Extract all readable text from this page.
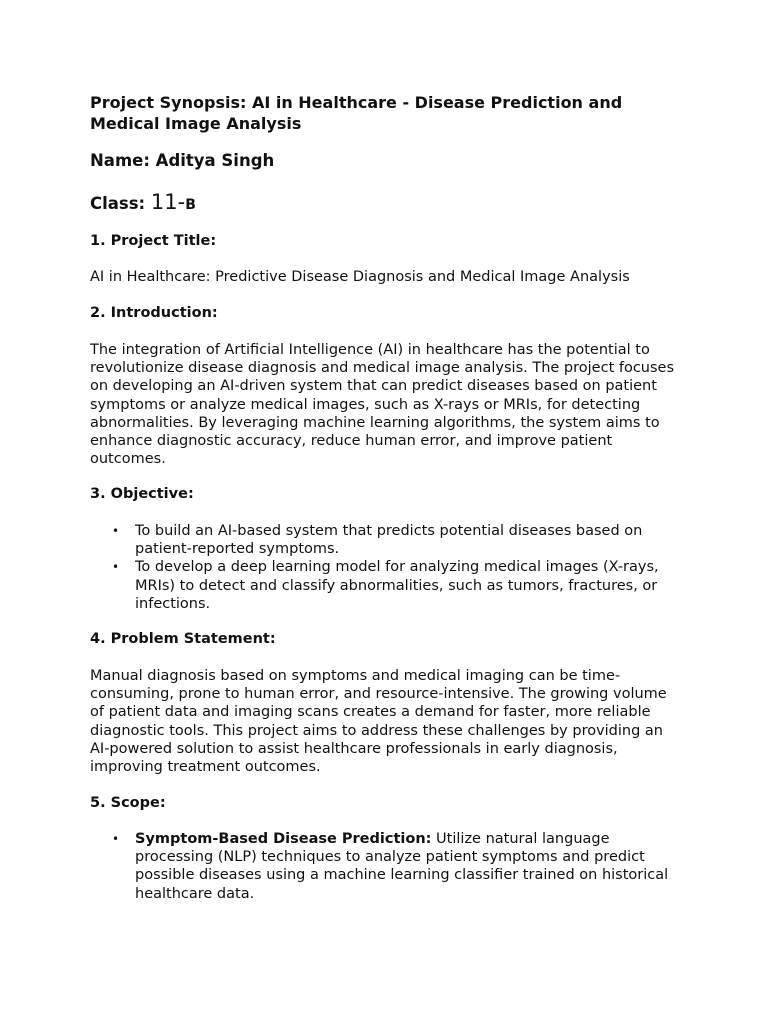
Project Synopsis: AI in Healthcare - Disease Prediction and Medical Image Analysis

Name: Aditya Singh

Class: 11-B

1. Project Title:

AI in Healthcare: Predictive Disease Diagnosis and Medical Image Analysis

2. Introduction:

The integration of Artificial Intelligence (AI) in healthcare has the potential to revolutionize disease diagnosis and medical image analysis. The project focuses on developing an AI-driven system that can predict diseases based on patient symptoms or analyze medical images, such as X-rays or MRIs, for detecting abnormalities. By leveraging machine learning algorithms, the system aims to enhance diagnostic accuracy, reduce human error, and improve patient outcomes.

3. Objective:

• To build an AI-based system that predicts potential diseases based on patient-reported symptoms.
• To develop a deep learning model for analyzing medical images (X-rays, MRIs) to detect and classify abnormalities, such as tumors, fractures, or infections.

4. Problem Statement:

Manual diagnosis based on symptoms and medical imaging can be time-consuming, prone to human error, and resource-intensive. The growing volume of patient data and imaging scans creates a demand for faster, more reliable diagnostic tools. This project aims to address these challenges by providing an AI-powered solution to assist healthcare professionals in early diagnosis, improving treatment outcomes.

5. Scope:

• Symptom-Based Disease Prediction: Utilize natural language processing (NLP) techniques to analyze patient symptoms and predict possible diseases using a machine learning classifier trained on historical healthcare data.
